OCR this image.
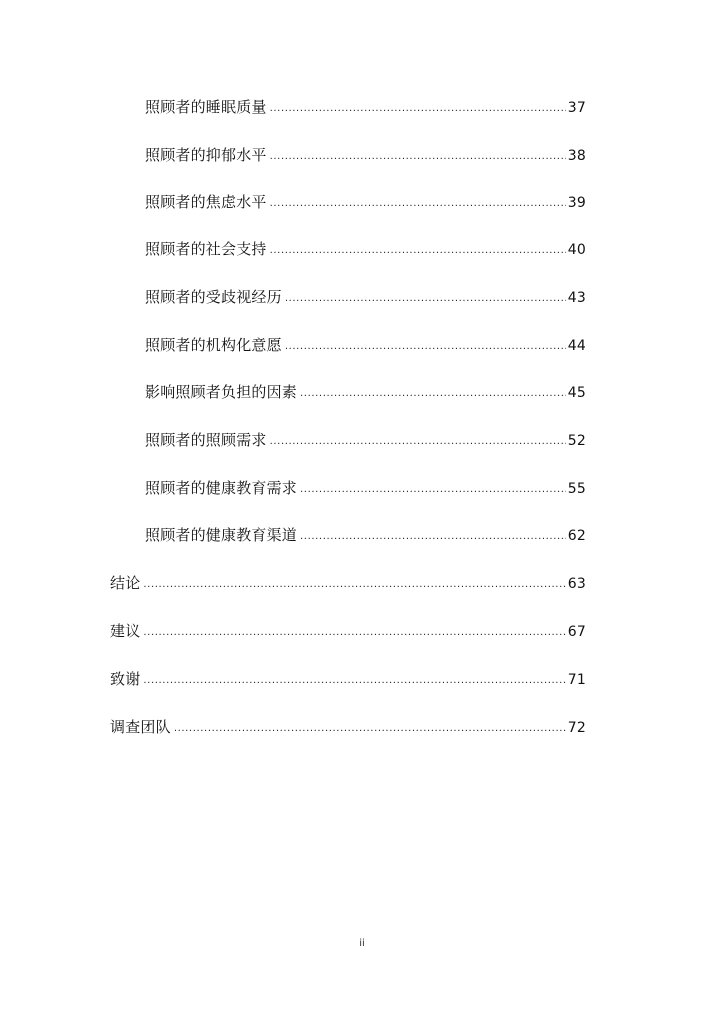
照顾者的睡眠质量 .....	37
照顾者的抑郁水平 .....	38
照顾者的焦虑水平 .....	39
照顾者的社会支持 .....	40
照顾者的受歧视经历 .....	43
照顾者的机构化意愿 .....	44
影响照顾者负担的因素 .....	45
照顾者的照顾需求 .....	52
照顾者的健康教育需求 .....	55
照顾者的健康教育渠道 .....	62
结论 .....	63
建议 .....	67
致谢 .....	71
调查团队 .....	72
ii
